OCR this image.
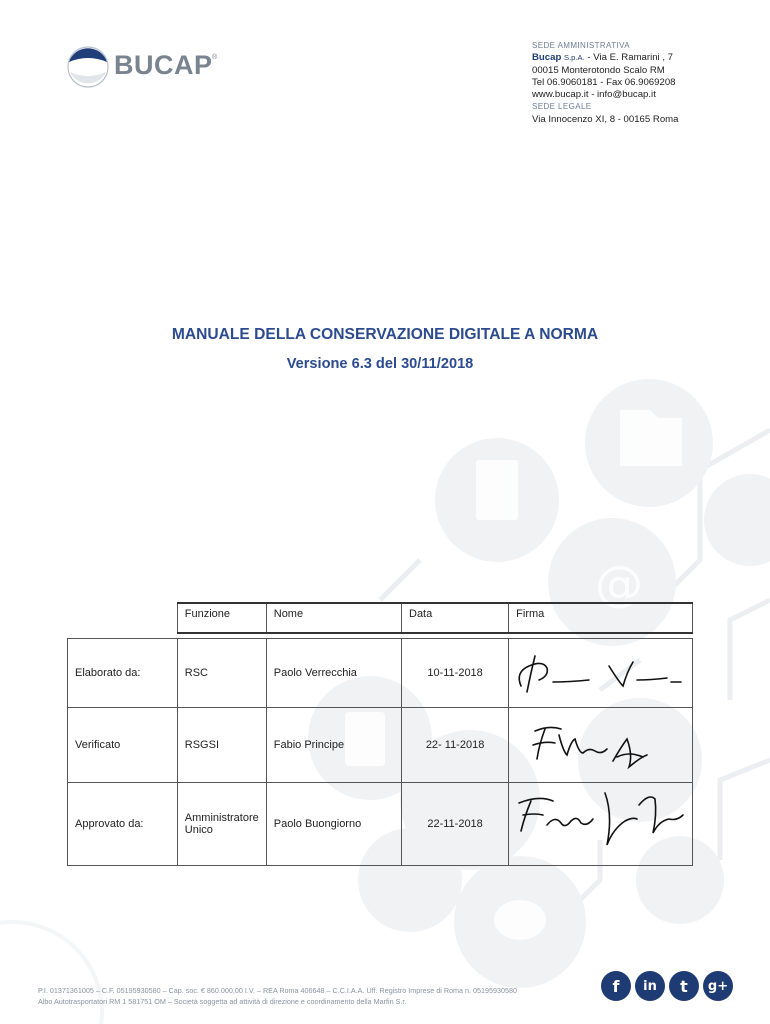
@
BUCAP ®
SEDE AMMINISTRATIVA
Bucap S.p.A. - Via E. Ramarini , 7
00015 Monterotondo Scalo RM
Tel 06.9060181 - Fax 06.9069208
www.bucap.it - info@bucap.it
SEDE LEGALE
Via Innocenzo XI, 8 - 00165 Roma
MANUALE DELLA CONSERVAZIONE DIGITALE A NORMA
Versione 6.3 del 30/11/2018
	Funzione	Nome	Data	Firma

Elaborato da:	RSC	Paolo Verrecchia	10-11-2018	
Verificato	RSGSI	Fabio Principe	22- 11-2018	
Approvato da:	Amministratore Unico	Paolo Buongiorno	22-11-2018	
P.I. 01371361005 – C.F. 05195930580 – Cap. soc. € 860.000,00 I.V. – REA Roma 406648 – C.C.I.A.A. Uff. Registro Imprese di Roma n. 05195930580
Albo Autotrasportatori RM 1 581751 OM – Società soggetta ad attività di direzione e coordinamento della Marfin S.r.
f	in	t	g+
